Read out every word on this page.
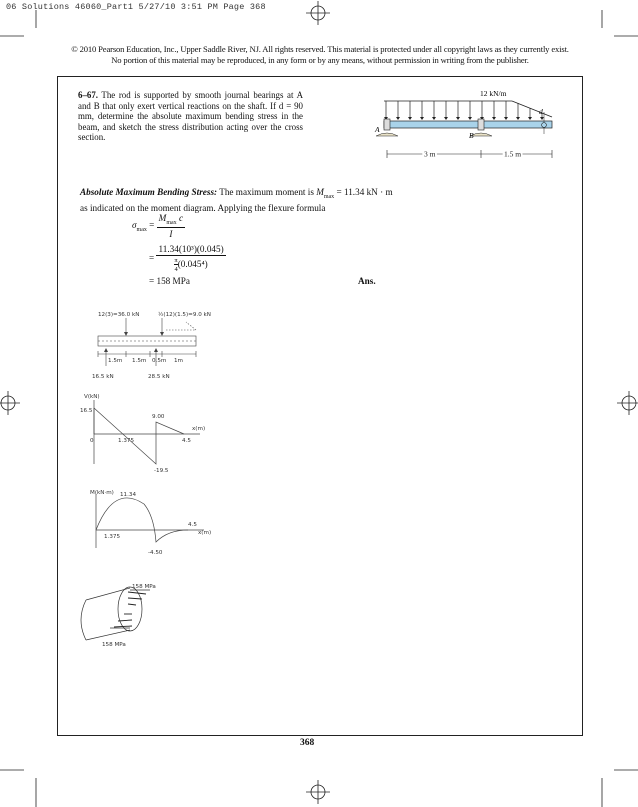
06 Solutions 46060_Part1 5/27/10 3:51 PM Page 368
© 2010 Pearson Education, Inc., Upper Saddle River, NJ. All rights reserved. This material is protected under all copyright laws as they currently exist. No portion of this material may be reproduced, in any form or by any means, without permission in writing from the publisher.
6–67. The rod is supported by smooth journal bearings at A and B that only exert vertical reactions on the shaft. If d = 90 mm, determine the absolute maximum bending stress in the beam, and sketch the stress distribution acting over the cross section.
12 kN/m
A
B
d
3 m	1.5 m
Absolute Maximum Bending Stress: The maximum moment is $M_{max} = 11.34$ kN · m
as indicated on the moment diagram. Applying the flexure formula
$\sigma_{max} = \frac{M_{max} c}{I}$
= $\frac{\text{11.34(10³)(0.045)}}{\frac{\pi}{4} (0.045^4)}$
= 158 MPa	Ans.
12(3)=36.0 kN	½(12)(1.5)=9.0 kN
1.5m 1.5m 0.5m 1m
16.5 kN	28.5 kN
V(kN)
16.5
9.00
x(m)
0	1.375	4.5
-19.5
M(kN·m) 11.34
1.375
x(m)
4.5
-4.50
158 MPa
158 MPa
368
